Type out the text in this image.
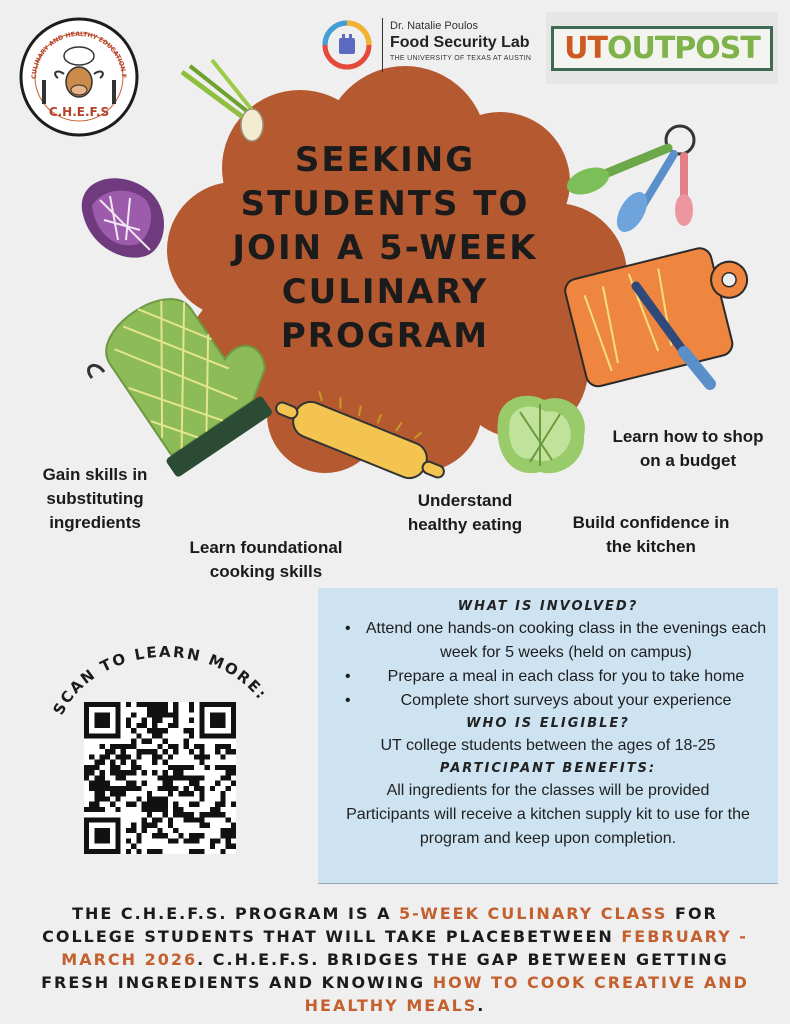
CULINARY AND HEALTHY EDUCATION F
C.H.E.F.S
Dr. Natalie Poulos
Food Security Lab
THE UNIVERSITY OF TEXAS AT AUSTIN	UTOUTPOST
SEEKING STUDENTS TO JOIN A 5-WEEK CULINARY PROGRAM
Gain skills in substituting ingredients
Learn foundational cooking skills
Understand healthy eating	Build confidence in the kitchen
Learn how to shop on a budget
SCAN TO LEARN MORE:
WHAT IS INVOLVED?
• Attend one hands-on cooking class in the evenings each week for 5 weeks (held on campus)
• Prepare a meal in each class for you to take home
•	Complete short surveys about your experience
WHO IS ELIGIBLE?

UT college students between the ages of 18-25

PARTICIPANT BENEFITS:

All ingredients for the classes will be provided

Participants will receive a kitchen supply kit to use for the program and keep upon completion.

THE C.H.E.F.S. PROGRAM IS A 5-WEEK CULINARY CLASS FOR COLLEGE STUDENTS THAT WILL TAKE PLACEBETWEEN FEBRUARY - MARCH 2026. C.H.E.F.S. BRIDGES THE GAP BETWEEN GETTING FRESH INGREDIENTS AND KNOWING HOW TO COOK CREATIVE AND HEALTHY MEALS.
